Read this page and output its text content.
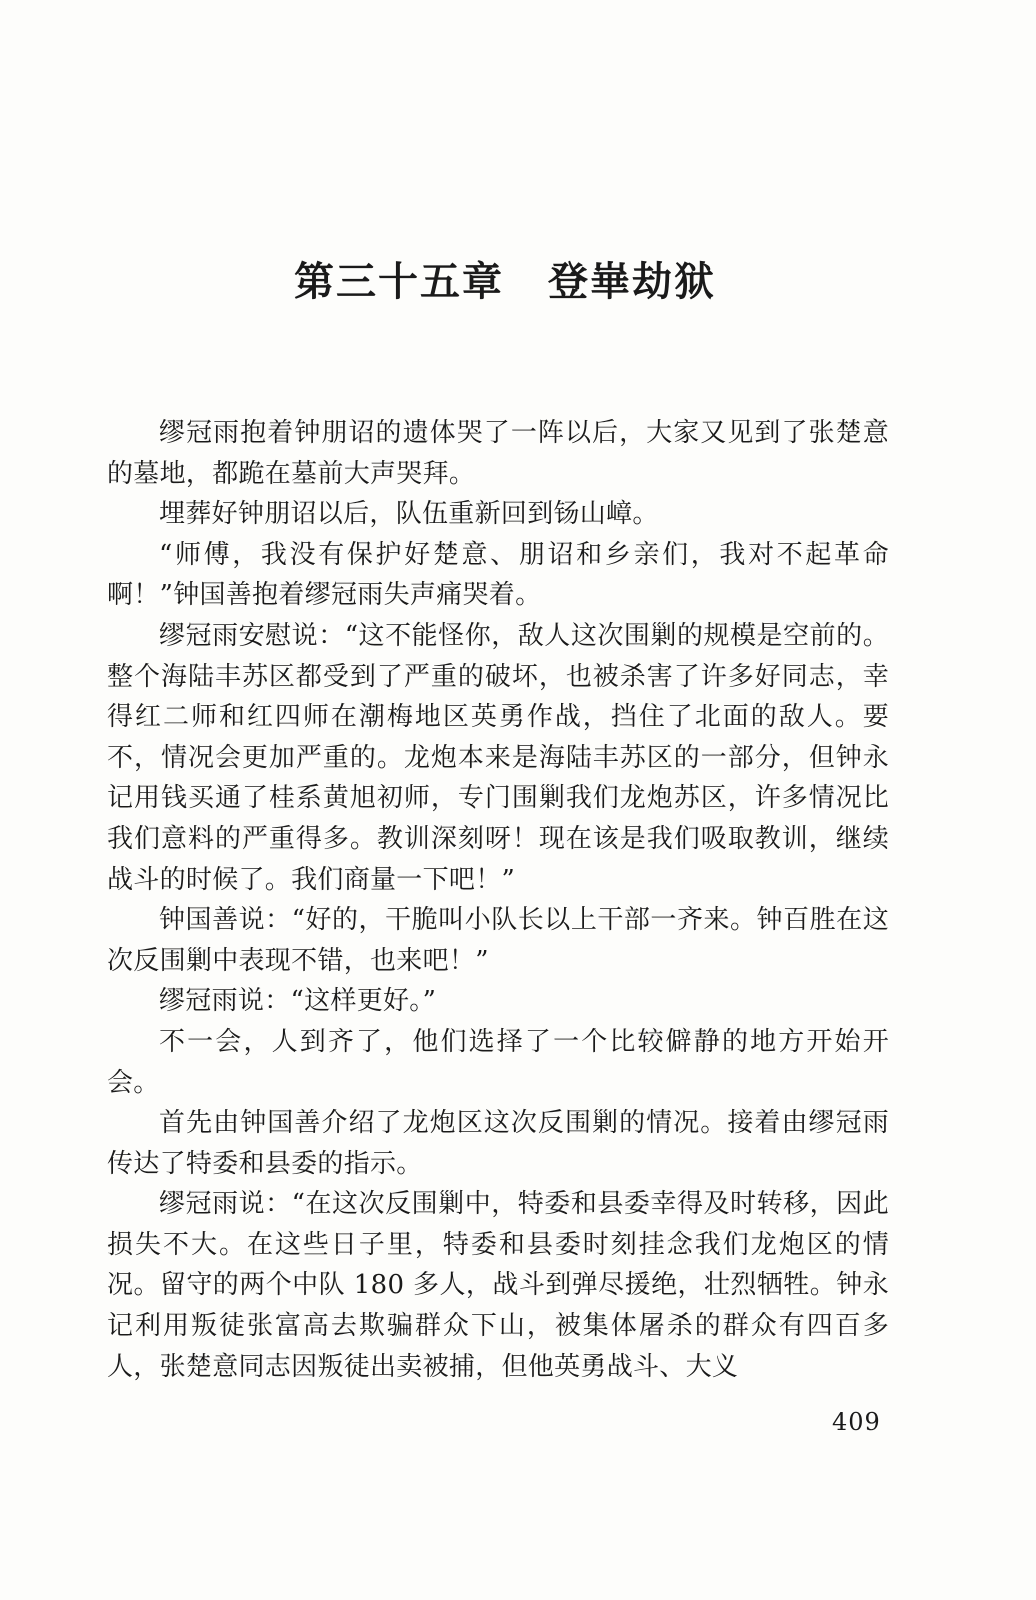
第三十五章 登崋劫狱

缪冠雨抱着钟朋诏的遗体哭了一阵以后，大家又见到了张楚意的墓地，都跪在墓前大声哭拜。

埋葬好钟朋诏以后，队伍重新回到钖山嶂。

“师傅，我没有保护好楚意、朋诏和乡亲们，我对不起革命啊！”钟国善抱着缪冠雨失声痛哭着。

缪冠雨安慰说：“这不能怪你，敌人这次围剿的规模是空前的。整个海陆丰苏区都受到了严重的破坏，也被杀害了许多好同志，幸得红二师和红四师在潮梅地区英勇作战，挡住了北面的敌人。要不，情况会更加严重的。龙炮本来是海陆丰苏区的一部分，但钟永记用钱买通了桂系黄旭初师，专门围剿我们龙炮苏区，许多情况比我们意料的严重得多。教训深刻呀！现在该是我们吸取教训，继续战斗的时候了。我们商量一下吧！”

钟国善说：“好的，干脆叫小队长以上干部一齐来。钟百胜在这次反围剿中表现不错，也来吧！”

缪冠雨说：“这样更好。”

不一会，人到齐了，他们选择了一个比较僻静的地方开始开会。

首先由钟国善介绍了龙炮区这次反围剿的情况。接着由缪冠雨传达了特委和县委的指示。

缪冠雨说：“在这次反围剿中，特委和县委幸得及时转移，因此损失不大。在这些日子里，特委和县委时刻挂念我们龙炮区的情况。留守的两个中队 180 多人，战斗到弹尽援绝，壮烈牺牲。钟永记利用叛徒张富高去欺骗群众下山，被集体屠杀的群众有四百多人，张楚意同志因叛徒出卖被捕，但他英勇战斗、大义

409
